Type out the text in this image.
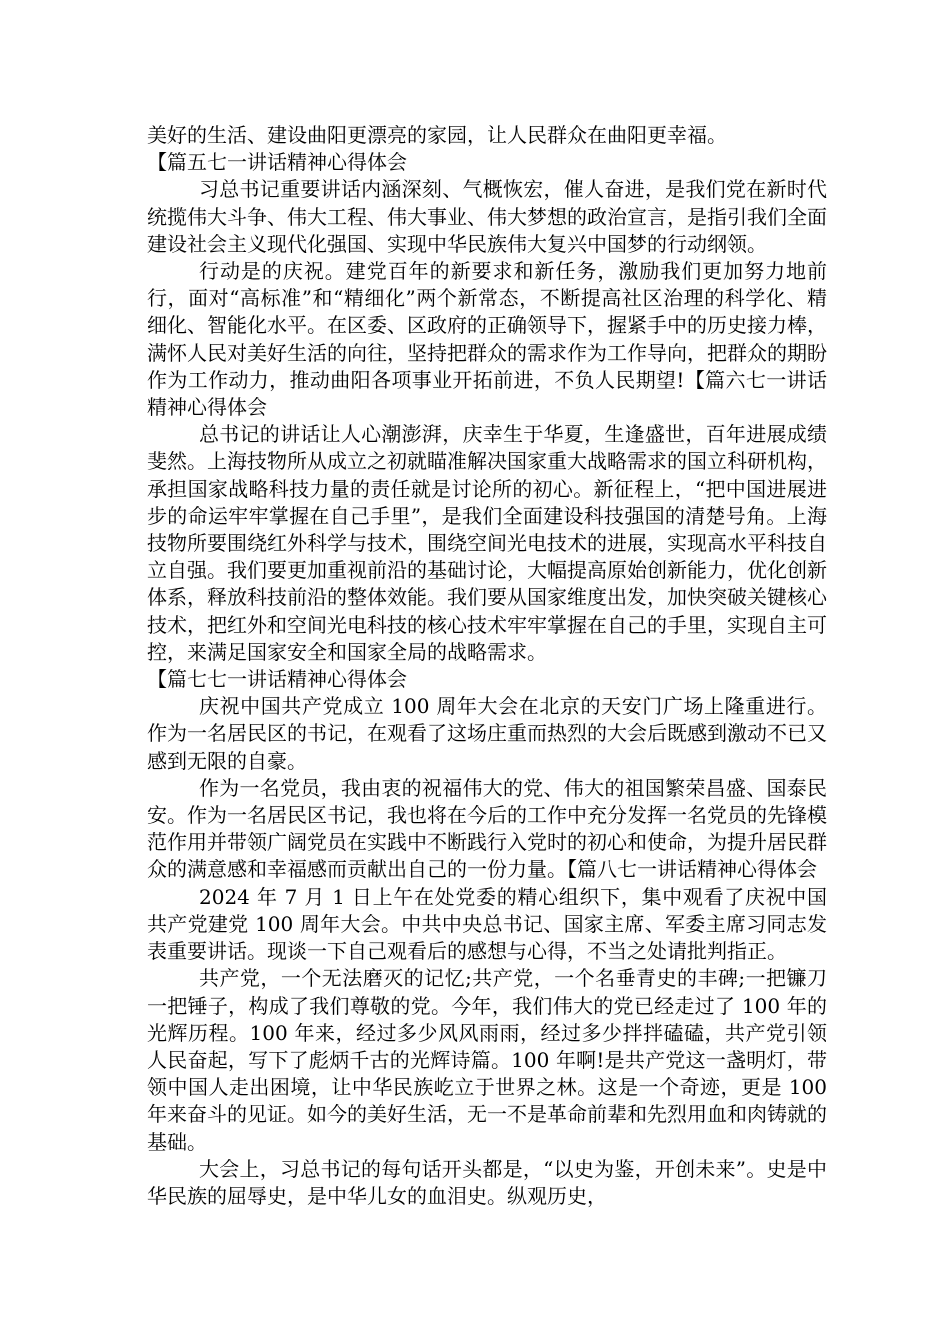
美好的生活、建设曲阳更漂亮的家园，让人民群众在曲阳更幸福。

【篇五七一讲话精神心得体会

习总书记重要讲话内涵深刻、气概恢宏，催人奋进，是我们党在新时代统揽伟大斗争、伟大工程、伟大事业、伟大梦想的政治宣言，是指引我们全面建设社会主义现代化强国、实现中华民族伟大复兴中国梦的行动纲领。

行动是的庆祝。建党百年的新要求和新任务，激励我们更加努力地前行，面对“高标准”和“精细化”两个新常态，不断提高社区治理的科学化、精细化、智能化水平。在区委、区政府的正确领导下，握紧手中的历史接力棒，满怀人民对美好生活的向往，坚持把群众的需求作为工作导向，把群众的期盼作为工作动力，推动曲阳各项事业开拓前进，不负人民期望!【篇六七一讲话精神心得体会

总书记的讲话让人心潮澎湃，庆幸生于华夏，生逢盛世，百年进展成绩斐然。上海技物所从成立之初就瞄准解决国家重大战略需求的国立科研机构，承担国家战略科技力量的责任就是讨论所的初心。新征程上，“把中国进展进步的命运牢牢掌握在自己手里”，是我们全面建设科技强国的清楚号角。上海技物所要围绕红外科学与技术，围绕空间光电技术的进展，实现高水平科技自立自强。我们要更加重视前沿的基础讨论，大幅提高原始创新能力，优化创新体系，释放科技前沿的整体效能。我们要从国家维度出发，加快突破关键核心技术，把红外和空间光电科技的核心技术牢牢掌握在自己的手里，实现自主可控，来满足国家安全和国家全局的战略需求。

【篇七七一讲话精神心得体会

庆祝中国共产党成立 100 周年大会在北京的天安门广场上隆重进行。作为一名居民区的书记，在观看了这场庄重而热烈的大会后既感到激动不已又感到无限的自豪。

作为一名党员，我由衷的祝福伟大的党、伟大的祖国繁荣昌盛、国泰民安。作为一名居民区书记，我也将在今后的工作中充分发挥一名党员的先锋模范作用并带领广阔党员在实践中不断践行入党时的初心和使命，为提升居民群众的满意感和幸福感而贡献出自己的一份力量。【篇八七一讲话精神心得体会

2024 年 7 月 1 日上午在处党委的精心组织下，集中观看了庆祝中国共产党建党 100 周年大会。中共中央总书记、国家主席、军委主席习同志发表重要讲话。现谈一下自己观看后的感想与心得，不当之处请批判指正。

共产党，一个无法磨灭的记忆;共产党，一个名垂青史的丰碑;一把镰刀一把锤子，构成了我们尊敬的党。今年，我们伟大的党已经走过了 100 年的光辉历程。100 年来，经过多少风风雨雨，经过多少拌拌磕磕，共产党引领人民奋起，写下了彪炳千古的光辉诗篇。100 年啊!是共产党这一盏明灯，带领中国人走出困境，让中华民族屹立于世界之林。这是一个奇迹，更是 100 年来奋斗的见证。如今的美好生活，无一不是革命前辈和先烈用血和肉铸就的基础。

大会上，习总书记的每句话开头都是，“以史为鉴，开创未来”。史是中华民族的屈辱史，是中华儿女的血泪史。纵观历史，
